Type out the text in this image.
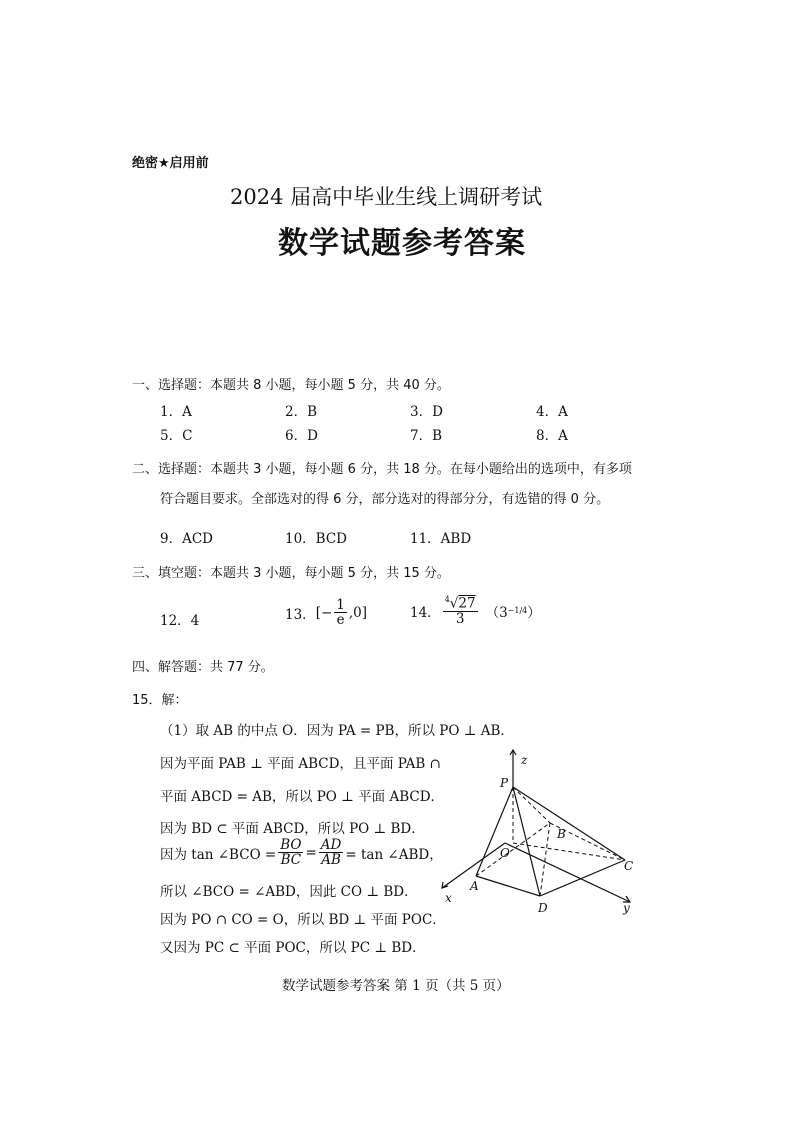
绝密★启用前
2024 届高中毕业生线上调研考试
数学试题参考答案
一、选择题：本题共 8 小题，每小题 5 分，共 40 分。
1．A	2．B	3．D	4．A
5．C	6．D	7．B	8．A
二、选择题：本题共 3 小题，每小题 6 分，共 18 分。在每小题给出的选项中，有多项
符合题目要求。全部选对的得 6 分，部分选对的得部分分，有选错的得 0 分。
9．ACD	10．BCD	11．ABD
三、填空题：本题共 3 小题，每小题 5 分，共 15 分。
12．4	13． [− $\frac{1}{e} ,0$]	14． $\frac{^4√27}{3} (3 -1/4$ ）
四、解答题：共 77 分。
15．解：
（1）取 AB 的中点 O．因为 PA = PB，所以 PO ⊥ AB．
因为平面 PAB ⊥ 平面 ABCD，且平面 PAB ∩
平面 ABCD = AB，所以 PO ⊥ 平面 ABCD．
因为 BD ⊂ 平面 ABCD，所以 PO ⊥ BD．
因为 tan ∠BCO = $\frac{BO}{BC} = \frac{AD}{AB} = \tan$ ∠ABD，
所以 ∠BCO = ∠ABD，因此 CO ⊥ BD．
因为 PO ∩ CO = O，所以 BD ⊥ 平面 POC．
又因为 PC ⊂ 平面 POC，所以 PC ⊥ BD．
z
P
B
O
C
A
x
D	y
数学试题参考答案 第 1 页（共 5 页）
